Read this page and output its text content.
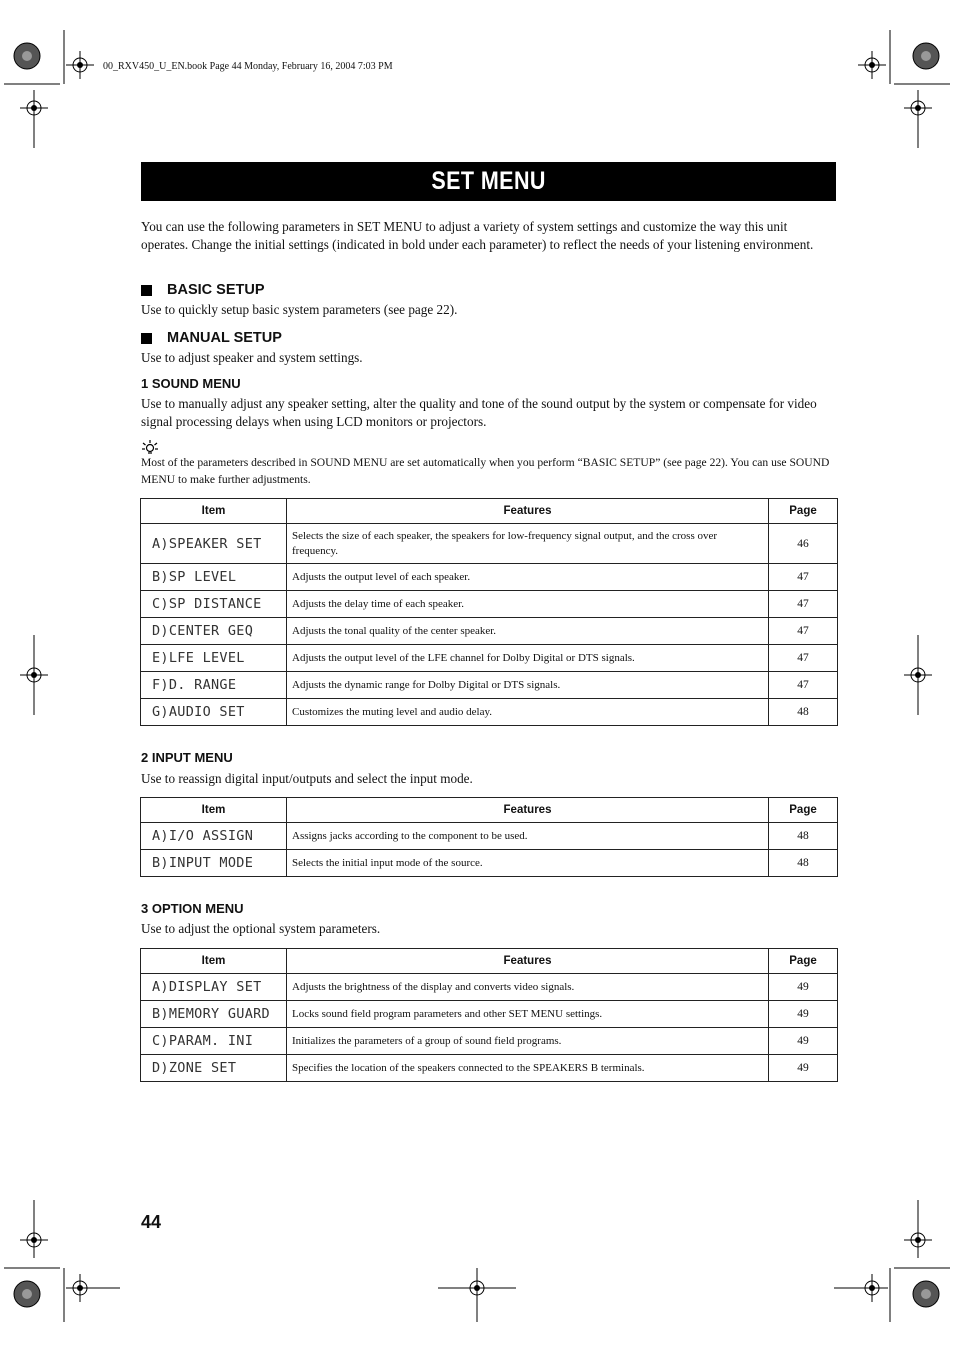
00_RXV450_U_EN.book Page 44 Monday, February 16, 2004 7:03 PM
SET MENU
You can use the following parameters in SET MENU to adjust a variety of system settings and customize the way this unit operates. Change the initial settings (indicated in bold under each parameter) to reflect the needs of your listening environment.
BASIC SETUP
Use to quickly setup basic system parameters (see page 22).
MANUAL SETUP
Use to adjust speaker and system settings.
1 SOUND MENU
Use to manually adjust any speaker setting, alter the quality and tone of the sound output by the system or compensate for video signal processing delays when using LCD monitors or projectors.
Most of the parameters described in SOUND MENU are set automatically when you perform “BASIC SETUP” (see page 22). You can use SOUND MENU to make further adjustments.
Item	Features	Page
A)SPEAKER SET	Selects the size of each speaker, the speakers for low-frequency signal output, and the cross over frequency.	46
B)SP LEVEL	Adjusts the output level of each speaker.	47
C)SP DISTANCE	Adjusts the delay time of each speaker.	47
D)CENTER GEQ	Adjusts the tonal quality of the center speaker.	47
E)LFE LEVEL	Adjusts the output level of the LFE channel for Dolby Digital or DTS signals.	47
F)D. RANGE	Adjusts the dynamic range for Dolby Digital or DTS signals.	47
G)AUDIO SET	Customizes the muting level and audio delay.	48
2 INPUT MENU
Use to reassign digital input/outputs and select the input mode.
Item	Features	Page
A)I/O ASSIGN	Assigns jacks according to the component to be used.	48
B)INPUT MODE	Selects the initial input mode of the source.	48
3 OPTION MENU
Use to adjust the optional system parameters.
Item	Features	Page
A)DISPLAY SET	Adjusts the brightness of the display and converts video signals.	49
B)MEMORY GUARD	Locks sound field program parameters and other SET MENU settings.	49
C)PARAM. INI	Initializes the parameters of a group of sound field programs.	49
D)ZONE SET	Specifies the location of the speakers connected to the SPEAKERS B terminals.	49
44
